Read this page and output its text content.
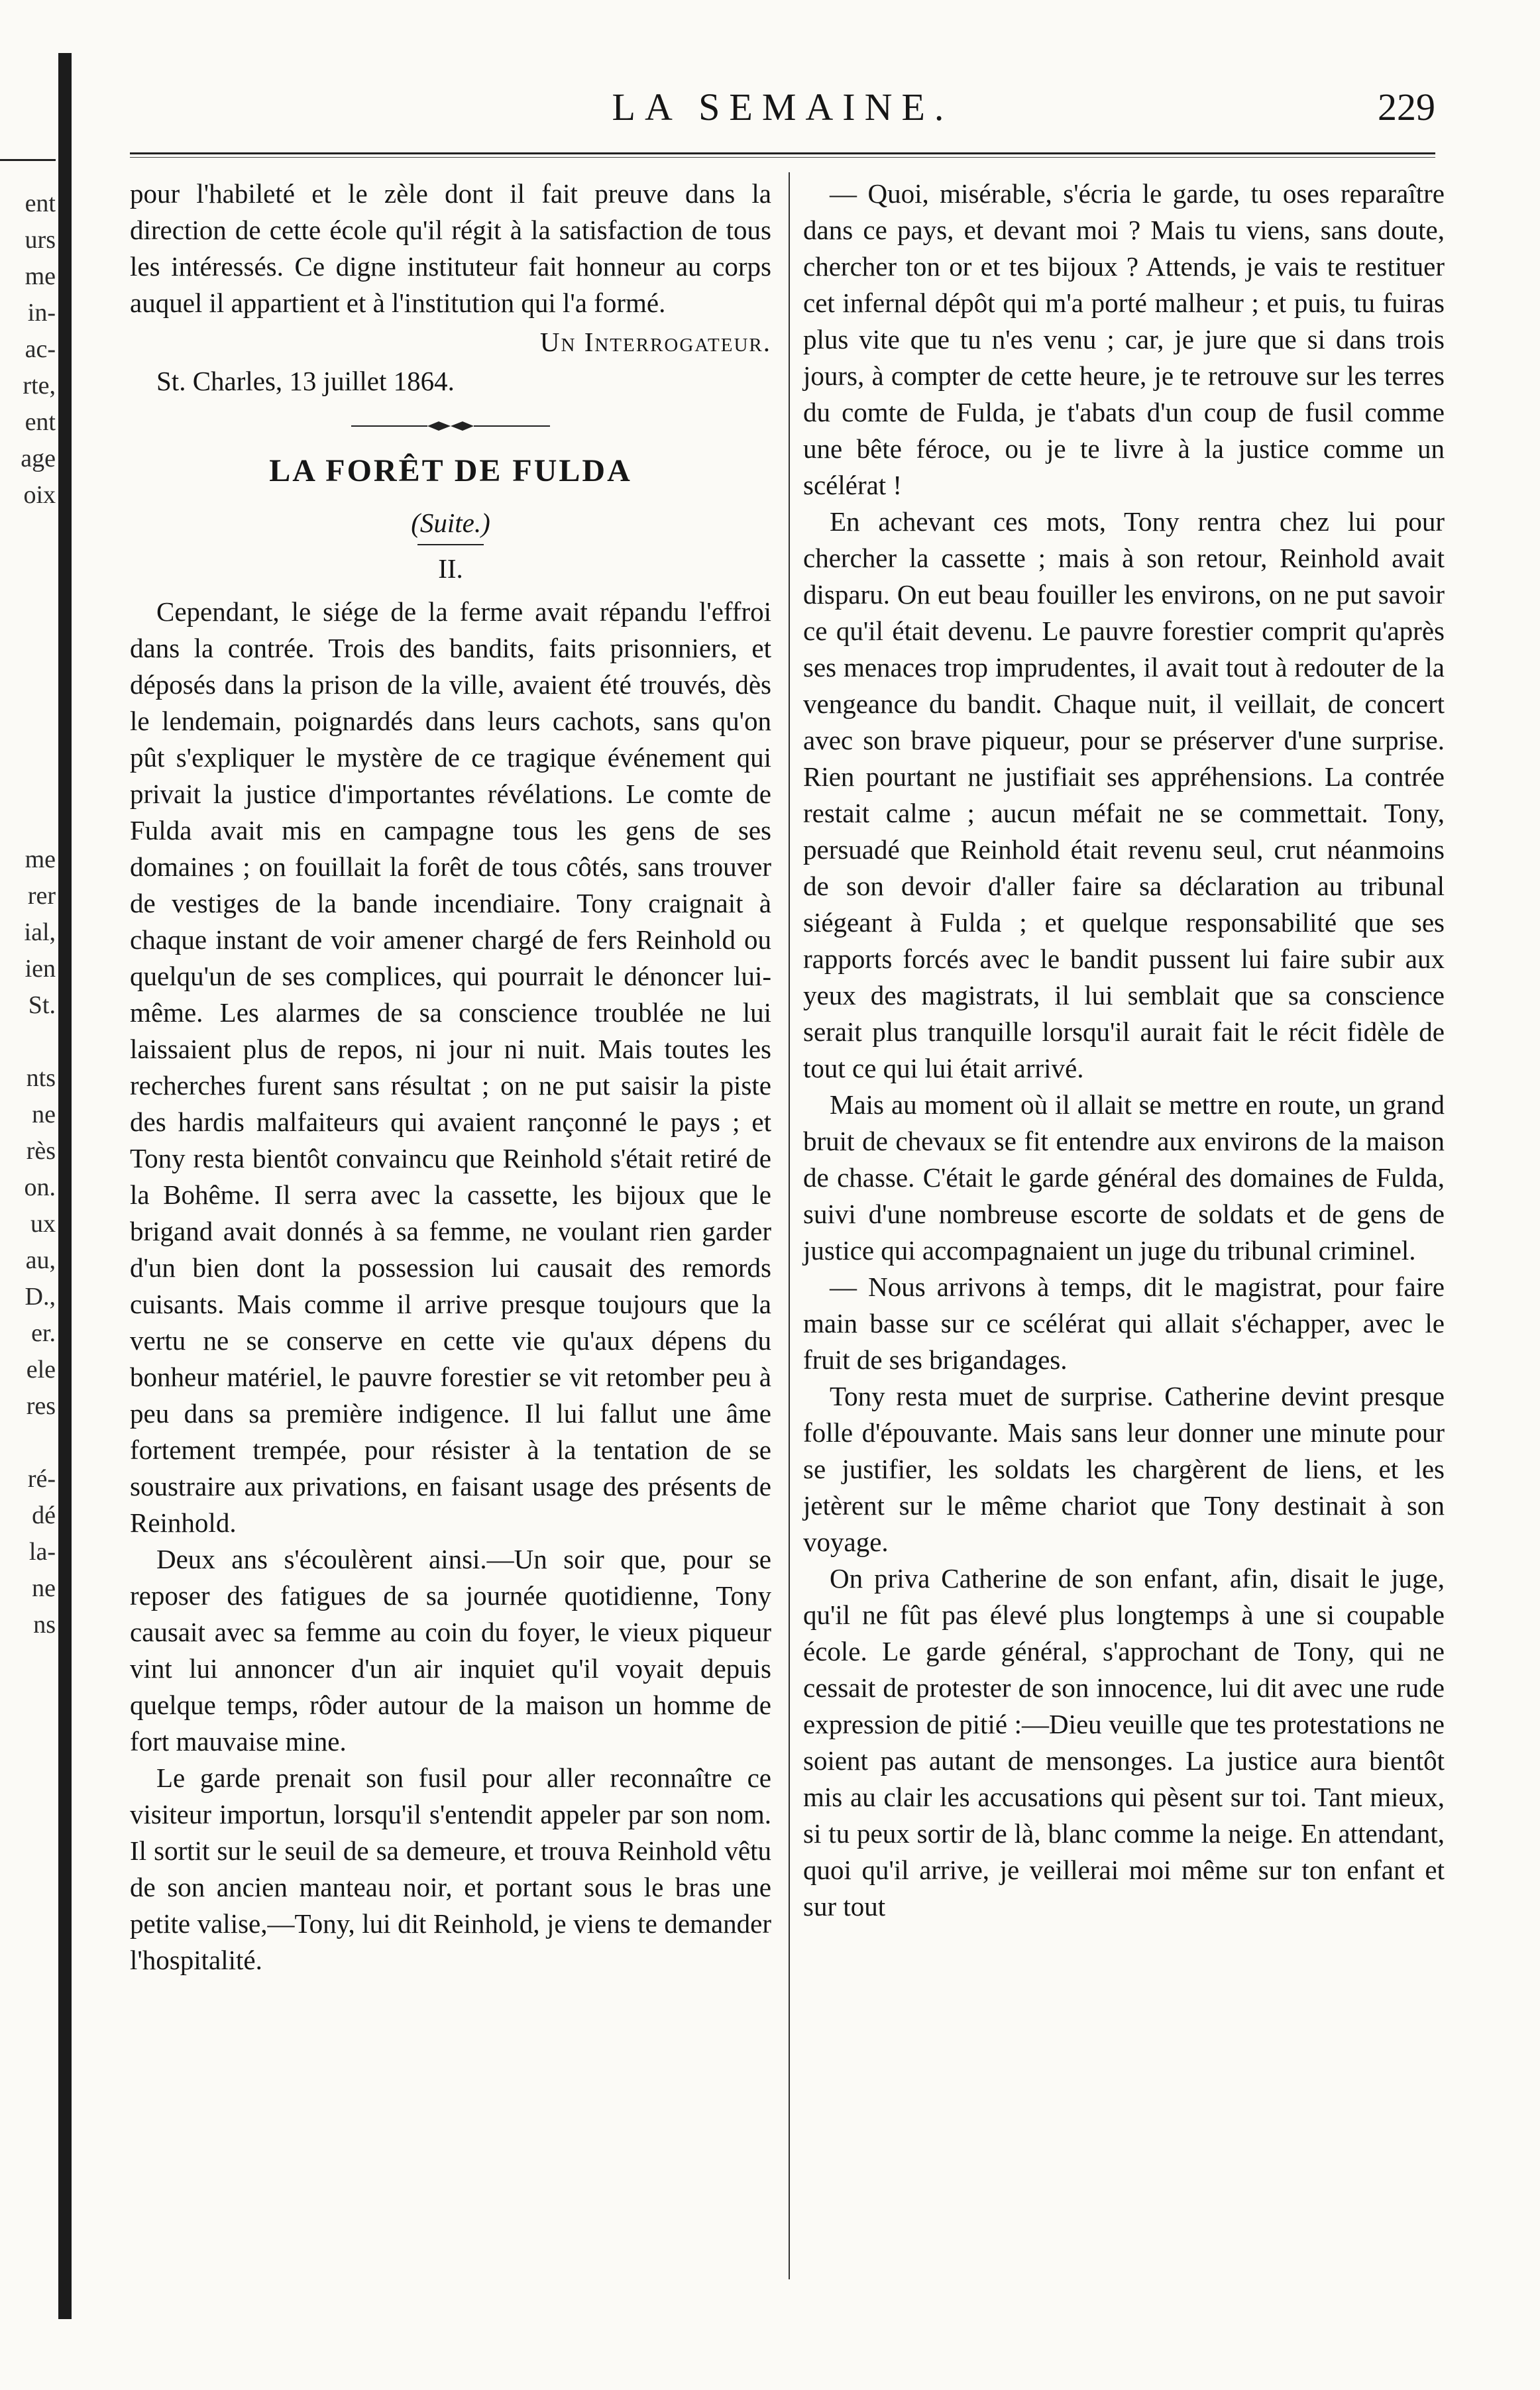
ent
urs
me
in-
ac-
rte,
ent
age
oix
me
rer
ial,
ien
St.
nts
ne
rès
on.
ux
au,
D.,
er.
ele
res
ré-
dé
la-
ne
ns
LA SEMAINE.	229

pour l'habileté et le zèle dont il fait preuve dans la direction de cette école qu'il régit à la satisfaction de tous les intéressés. Ce digne instituteur fait honneur au corps auquel il appartient et à l'institution qui l'a formé.

Un Interrogateur.
St. Charles, 13 juillet 1864.
LA FORÊT DE FULDA
(Suite.)
II.

Cependant, le siége de la ferme avait répandu l'effroi dans la contrée. Trois des bandits, faits prisonniers, et déposés dans la prison de la ville, avaient été trouvés, dès le lendemain, poignardés dans leurs cachots, sans qu'on pût s'expliquer le mystère de ce tragique événement qui privait la justice d'importantes révélations. Le comte de Fulda avait mis en campagne tous les gens de ses domaines ; on fouillait la forêt de tous côtés, sans trouver de vestiges de la bande incendiaire. Tony craignait à chaque instant de voir amener chargé de fers Reinhold ou quelqu'un de ses complices, qui pourrait le dénoncer lui-même. Les alarmes de sa conscience troublée ne lui laissaient plus de repos, ni jour ni nuit. Mais toutes les recherches furent sans résultat ; on ne put saisir la piste des hardis malfaiteurs qui avaient rançonné le pays ; et Tony resta bientôt convaincu que Reinhold s'était retiré de la Bohême. Il serra avec la cassette, les bijoux que le brigand avait donnés à sa femme, ne voulant rien garder d'un bien dont la possession lui causait des remords cuisants. Mais comme il arrive presque toujours que la vertu ne se conserve en cette vie qu'aux dépens du bonheur matériel, le pauvre forestier se vit retomber peu à peu dans sa première indigence. Il lui fallut une âme fortement trempée, pour résister à la tentation de se soustraire aux privations, en faisant usage des présents de Reinhold.

Deux ans s'écoulèrent ainsi.—Un soir que, pour se reposer des fatigues de sa journée quotidienne, Tony causait avec sa femme au coin du foyer, le vieux piqueur vint lui annoncer d'un air inquiet qu'il voyait depuis quelque temps, rôder autour de la maison un homme de fort mauvaise mine.

Le garde prenait son fusil pour aller reconnaître ce visiteur importun, lorsqu'il s'entendit appeler par son nom. Il sortit sur le seuil de sa demeure, et trouva Reinhold vêtu de son ancien manteau noir, et portant sous le bras une petite valise,—Tony, lui dit Reinhold, je viens te demander l'hospitalité.

— Quoi, misérable, s'écria le garde, tu oses reparaître dans ce pays, et devant moi ? Mais tu viens, sans doute, chercher ton or et tes bijoux ? Attends, je vais te restituer cet infernal dépôt qui m'a porté malheur ; et puis, tu fuiras plus vite que tu n'es venu ; car, je jure que si dans trois jours, à compter de cette heure, je te retrouve sur les terres du comte de Fulda, je t'abats d'un coup de fusil comme une bête féroce, ou je te livre à la justice comme un scélérat !

En achevant ces mots, Tony rentra chez lui pour chercher la cassette ; mais à son retour, Reinhold avait disparu. On eut beau fouiller les environs, on ne put savoir ce qu'il était devenu. Le pauvre forestier comprit qu'après ses menaces trop imprudentes, il avait tout à redouter de la vengeance du bandit. Chaque nuit, il veillait, de concert avec son brave piqueur, pour se préserver d'une surprise. Rien pourtant ne justifiait ses appréhensions. La contrée restait calme ; aucun méfait ne se commettait. Tony, persuadé que Reinhold était revenu seul, crut néanmoins de son devoir d'aller faire sa déclaration au tribunal siégeant à Fulda ; et quelque responsabilité que ses rapports forcés avec le bandit pussent lui faire subir aux yeux des magistrats, il lui semblait que sa conscience serait plus tranquille lorsqu'il aurait fait le récit fidèle de tout ce qui lui était arrivé.

Mais au moment où il allait se mettre en route, un grand bruit de chevaux se fit entendre aux environs de la maison de chasse. C'était le garde général des domaines de Fulda, suivi d'une nombreuse escorte de soldats et de gens de justice qui accompagnaient un juge du tribunal criminel.

— Nous arrivons à temps, dit le magistrat, pour faire main basse sur ce scélérat qui allait s'échapper, avec le fruit de ses brigandages.

Tony resta muet de surprise. Catherine devint presque folle d'épouvante. Mais sans leur donner une minute pour se justifier, les soldats les chargèrent de liens, et les jetèrent sur le même chariot que Tony destinait à son voyage.

On priva Catherine de son enfant, afin, disait le juge, qu'il ne fût pas élevé plus longtemps à une si coupable école. Le garde général, s'approchant de Tony, qui ne cessait de protester de son innocence, lui dit avec une rude expression de pitié :—Dieu veuille que tes protestations ne soient pas autant de mensonges. La justice aura bientôt mis au clair les accusations qui pèsent sur toi. Tant mieux, si tu peux sortir de là, blanc comme la neige. En attendant, quoi qu'il arrive, je veillerai moi même sur ton enfant et sur tout
